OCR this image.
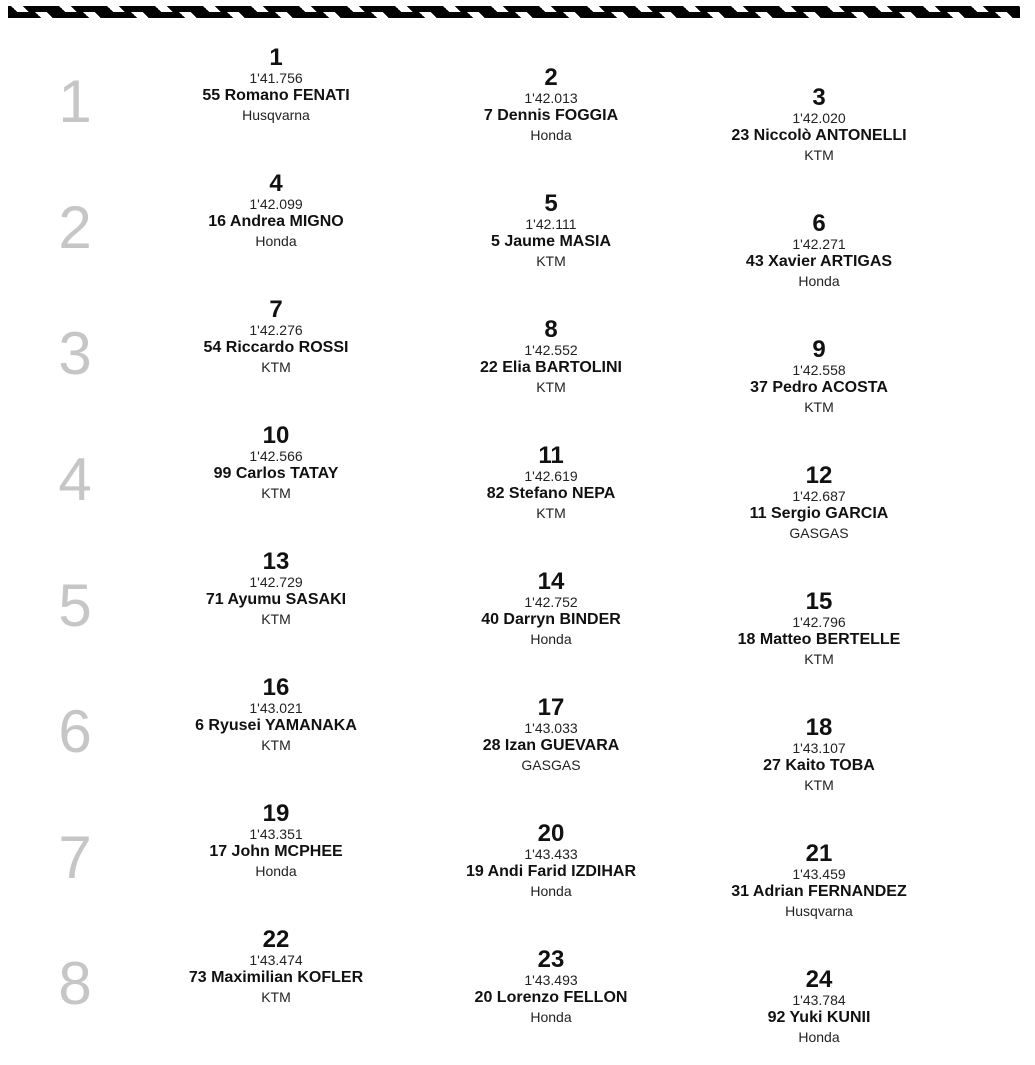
1
1
1'41.756
55 Romano FENATI
Husqvarna
2
1'42.013
7 Dennis FOGGIA
Honda
3
1'42.020
23 Niccolò ANTONELLI
KTM
2
4
1'42.099
16 Andrea MIGNO
Honda
5
1'42.111
5 Jaume MASIA
KTM
6
1'42.271
43 Xavier ARTIGAS
Honda
3
7
1'42.276
54 Riccardo ROSSI
KTM
8
1'42.552
22 Elia BARTOLINI
KTM
9
1'42.558
37 Pedro ACOSTA
KTM
4
10
1'42.566
99 Carlos TATAY
KTM
11
1'42.619
82 Stefano NEPA
KTM
12
1'42.687
11 Sergio GARCIA
GASGAS
5
13
1'42.729
71 Ayumu SASAKI
KTM
14
1'42.752
40 Darryn BINDER
Honda
15
1'42.796
18 Matteo BERTELLE
KTM
6
16
1'43.021
6 Ryusei YAMANAKA
KTM
17
1'43.033
28 Izan GUEVARA
GASGAS
18
1'43.107
27 Kaito TOBA
KTM
7
19
1'43.351
17 John MCPHEE
Honda
20
1'43.433
19 Andi Farid IZDIHAR
Honda
21
1'43.459
31 Adrian FERNANDEZ
Husqvarna
8
22
1'43.474
73 Maximilian KOFLER
KTM
23
1'43.493
20 Lorenzo FELLON
Honda
24
1'43.784
92 Yuki KUNII
Honda
